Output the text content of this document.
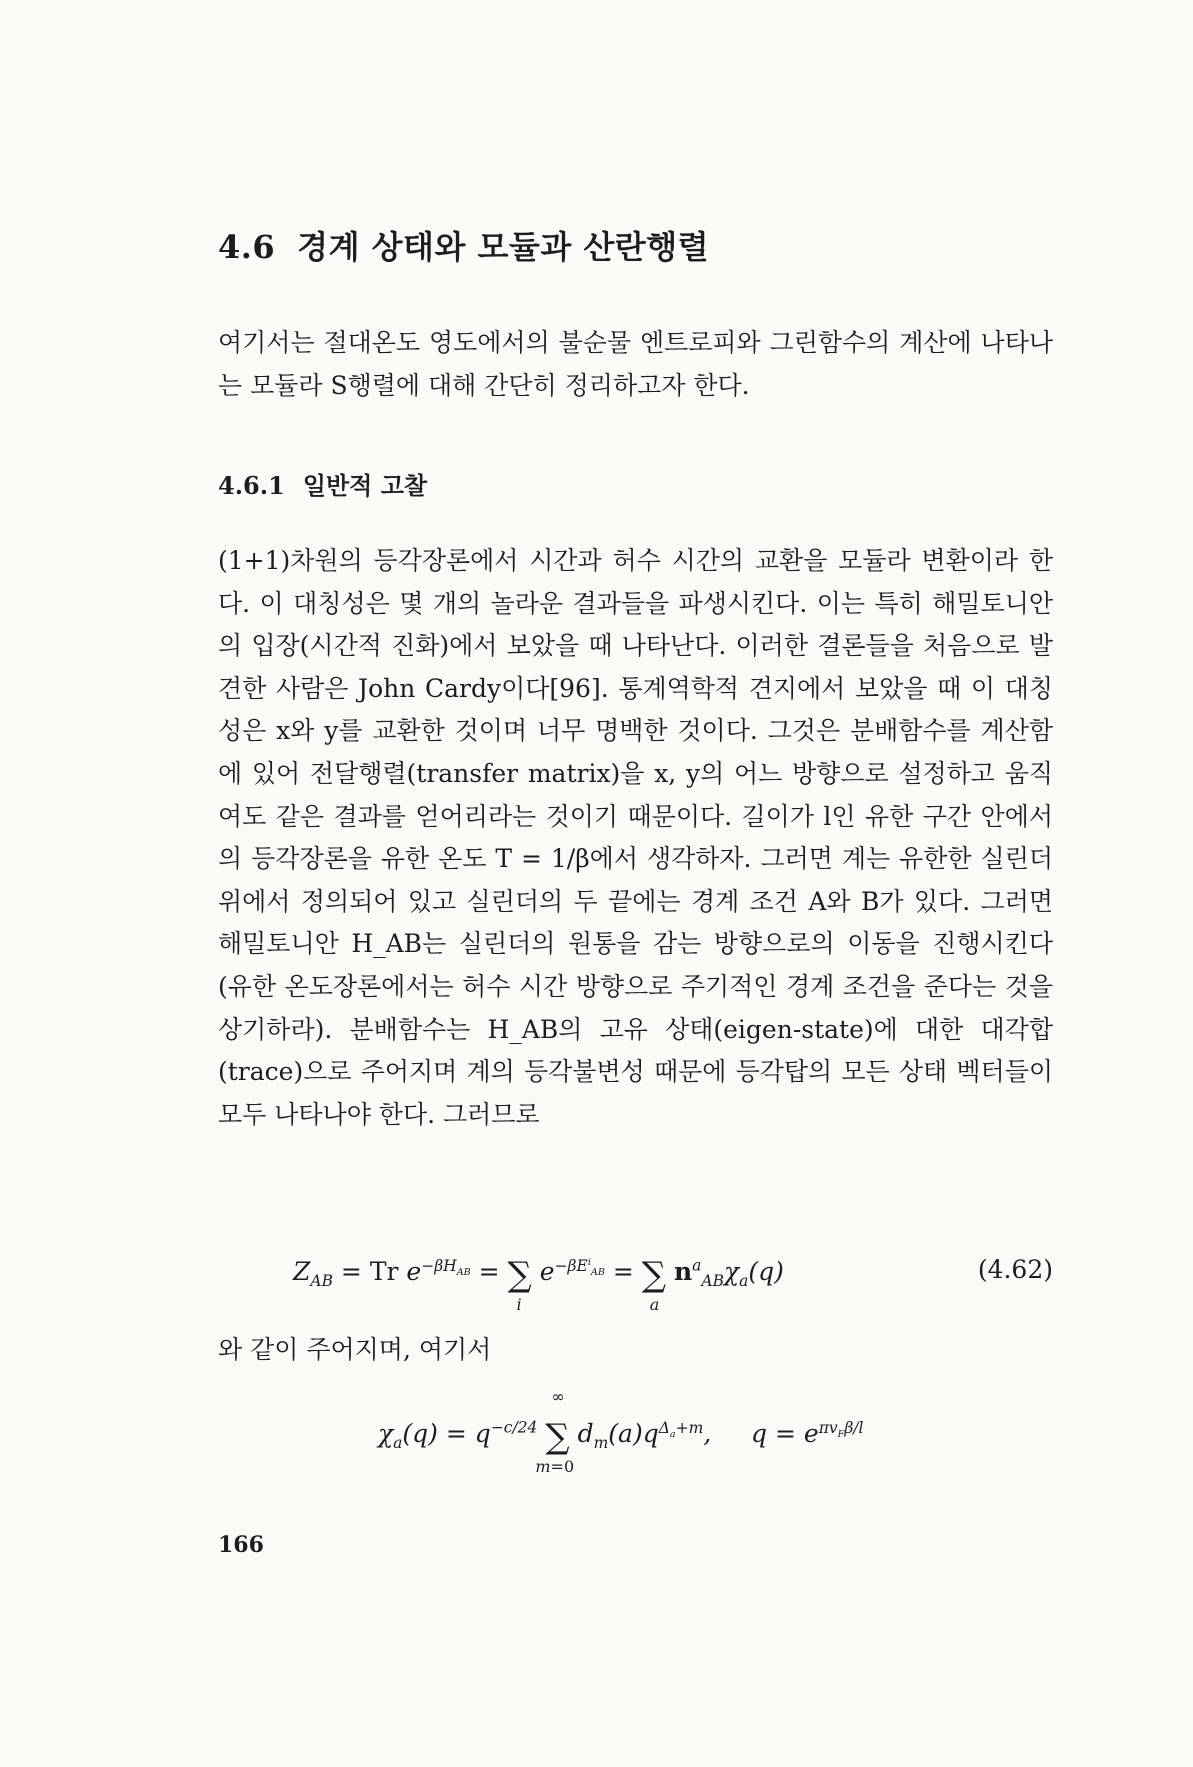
4.6 경계 상태와 모듈과 산란행렬

여기서는 절대온도 영도에서의 불순물 엔트로피와 그린함수의 계산에 나타나는 모듈라 S행렬에 대해 간단히 정리하고자 한다.

4.6.1 일반적 고찰

(1+1)차원의 등각장론에서 시간과 허수 시간의 교환을 모듈라 변환이라 한다. 이 대칭성은 몇 개의 놀라운 결과들을 파생시킨다. 이는 특히 해밀토니안의 입장(시간적 진화)에서 보았을 때 나타난다. 이러한 결론들을 처음으로 발견한 사람은 John Cardy이다[96]. 통계역학적 견지에서 보았을 때 이 대칭성은 x와 y를 교환한 것이며 너무 명백한 것이다. 그것은 분배함수를 계산함에 있어 전달행렬(transfer matrix)을 x, y의 어느 방향으로 설정하고 움직여도 같은 결과를 얻어리라는 것이기 때문이다. 길이가 l인 유한 구간 안에서의 등각장론을 유한 온도 T = 1/β에서 생각하자. 그러면 계는 유한한 실린더 위에서 정의되어 있고 실린더의 두 끝에는 경계 조건 A와 B가 있다. 그러면 해밀토니안 H_AB는 실린더의 원통을 감는 방향으로의 이동을 진행시킨다(유한 온도장론에서는 허수 시간 방향으로 주기적인 경계 조건을 준다는 것을 상기하라). 분배함수는 H_AB의 고유 상태(eigen-state)에 대한 대각합(trace)으로 주어지며 계의 등각불변성 때문에 등각탑의 모든 상태 벡터들이 모두 나타나야 한다. 그러므로

$Z_{AB} = Tr$ $e^{-\beta H_{AB}}$ = ∑
i
$e^{-\beta E^i_{AB}}$ = ∑
a
$n^a_{AB}\chi_a(q)$	(4.62)

와 같이 주어지며, 여기서

$\chi_a(q) = q^{-c/24}$
∞
∑
m=0
$d_m(a)q^{\Delta_a+m}$,     $q = e^{\pi v_F\beta/l}$

166
